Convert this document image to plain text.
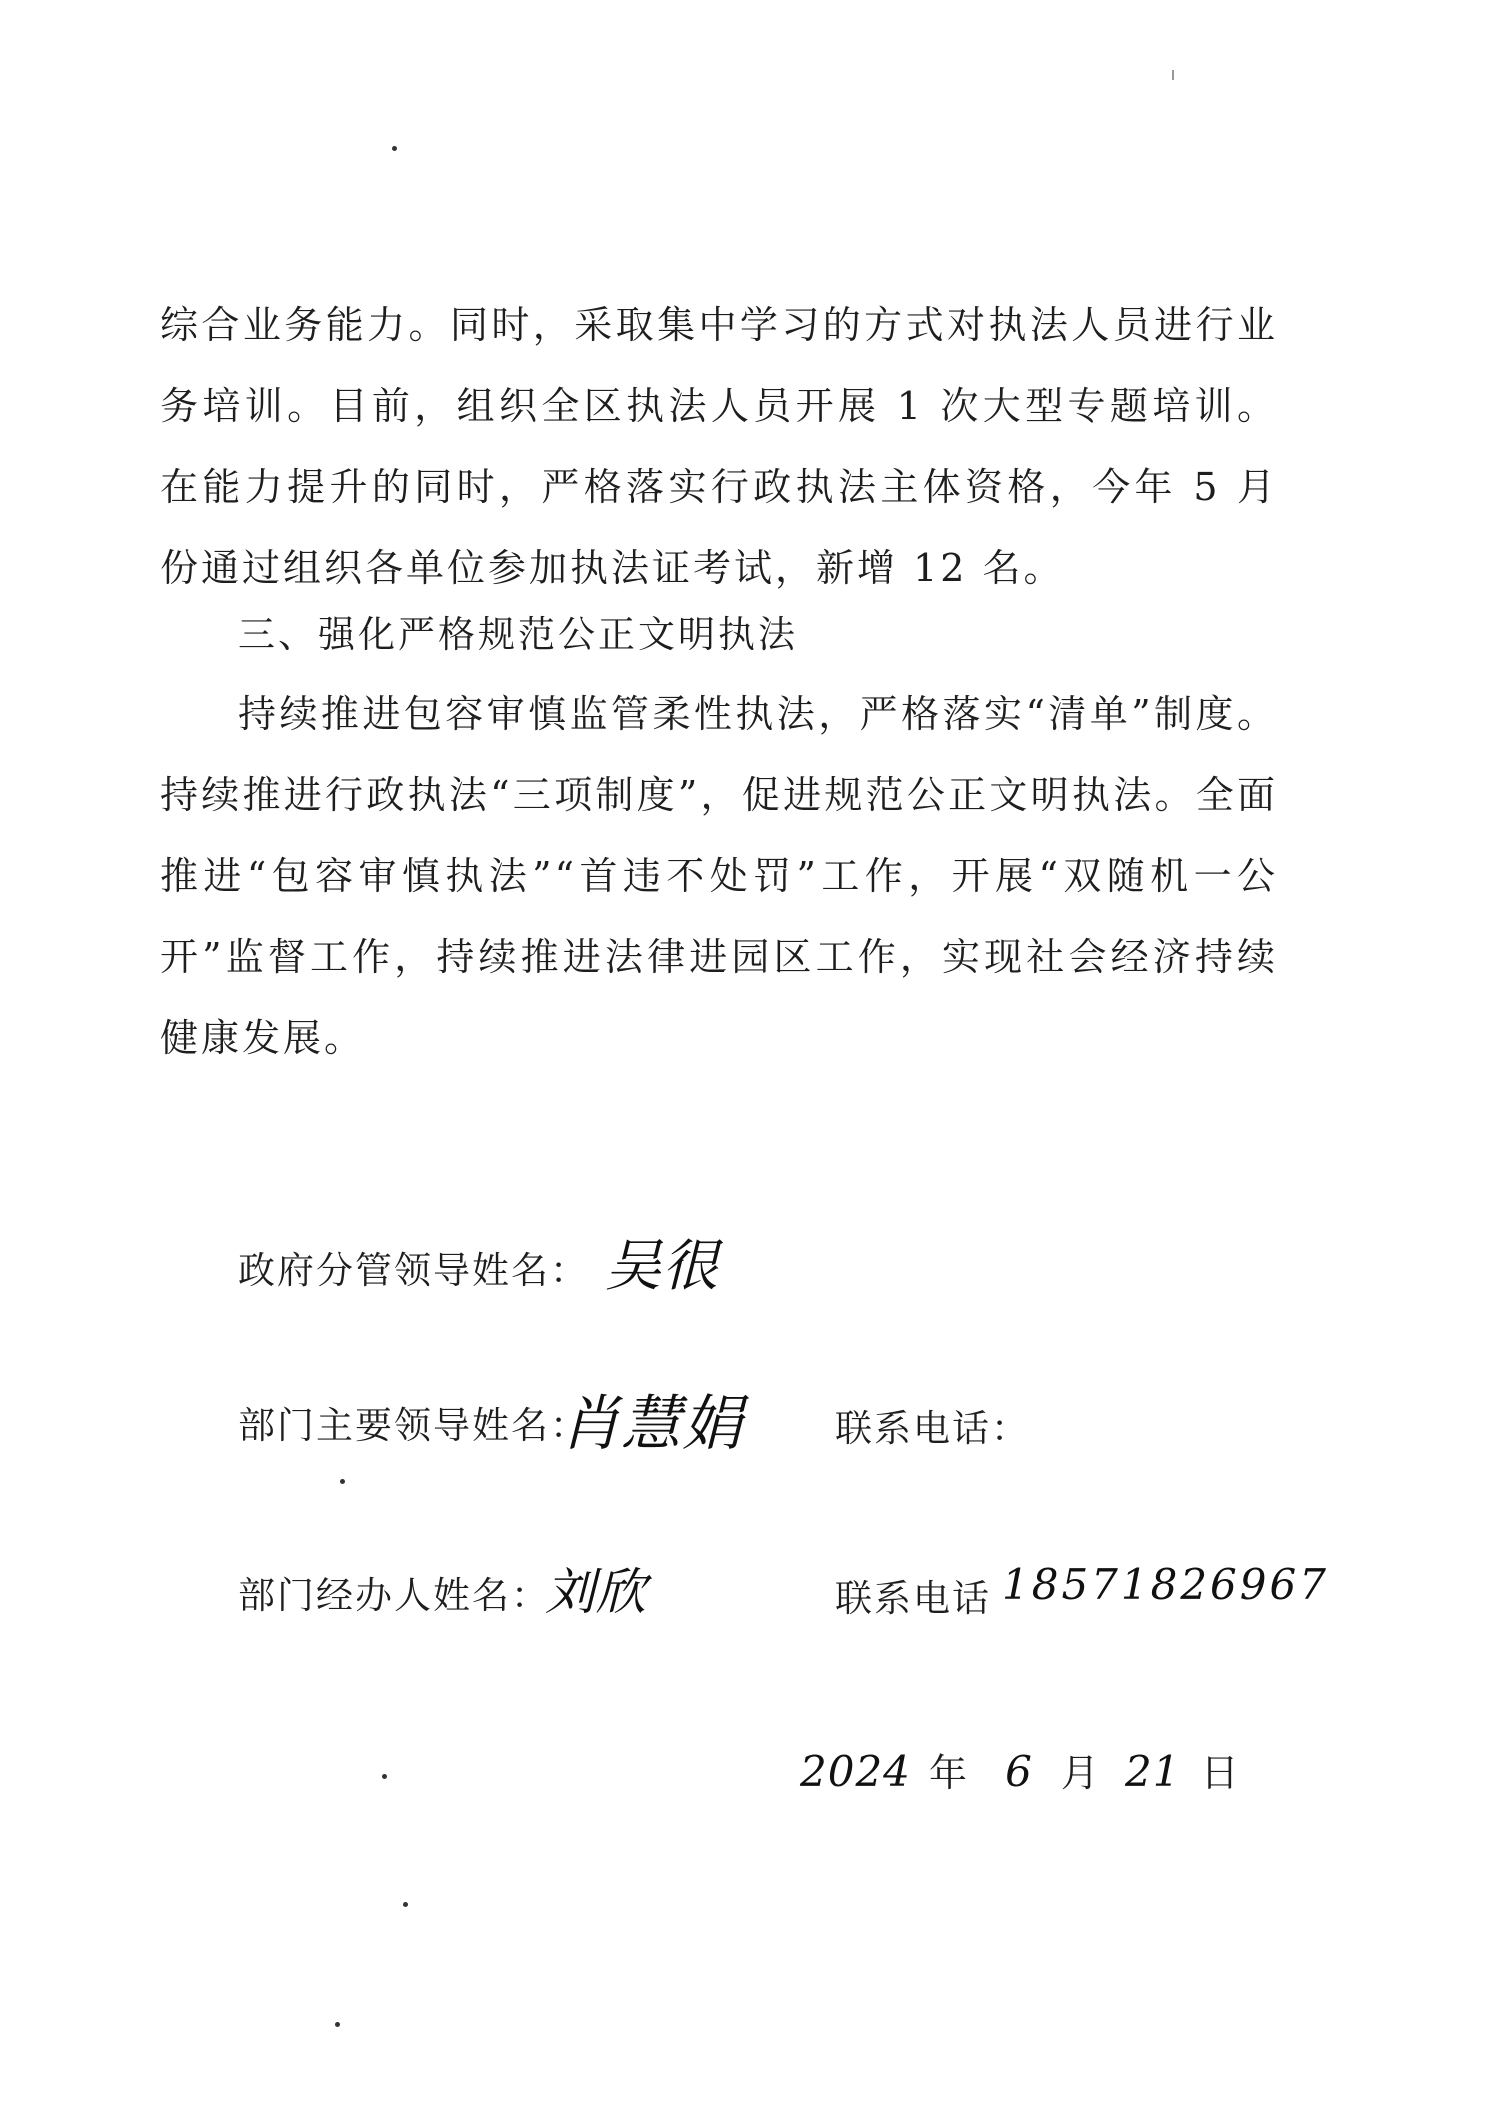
综合业务能力。同时，采取集中学习的方式对执法人员进行业务培训。目前，组织全区执法人员开展 1 次大型专题培训。在能力提升的同时，严格落实行政执法主体资格，今年 5 月份通过组织各单位参加执法证考试，新增 12 名。

三、强化严格规范公正文明执法

持续推进包容审慎监管柔性执法，严格落实“清单”制度。持续推进行政执法“三项制度”，促进规范公正文明执法。全面推进“包容审慎执法”“首违不处罚”工作，开展“双随机一公开”监督工作，持续推进法律进园区工作，实现社会经济持续健康发展。

政府分管领导姓名： 吴很
部门主要领导姓名：
肖慧娟 联系电话：
部门经办人姓名：
刘欣	联系电话 18571826967
2024 年 6 月 21 日
